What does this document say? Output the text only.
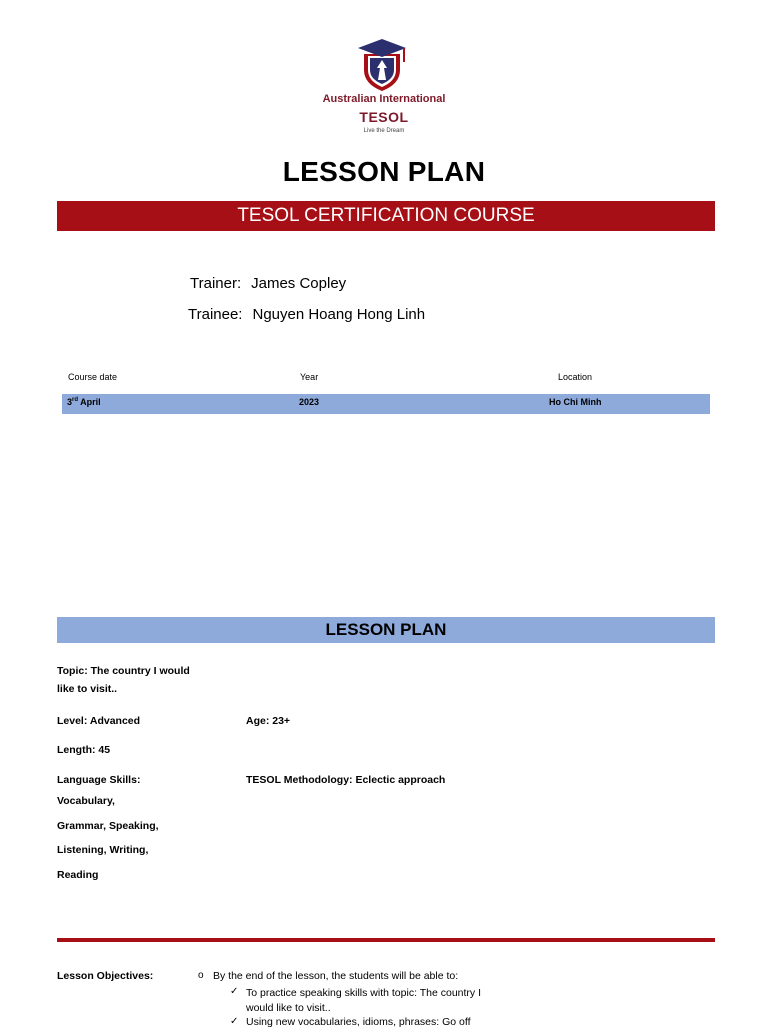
Australian International
TESOL
Live the Dream
LESSON PLAN
TESOL CERTIFICATION COURSE
Trainer: James Copley
Trainee: Nguyen Hoang Hong Linh
Course date	Year	Location
3rd April	2023	Ho Chi Minh
LESSON PLAN
Topic: The country I would like to visit..
Level: Advanced	Age: 23+
Length: 45
Language Skills:
Vocabulary,
Grammar, Speaking,
Listening, Writing,
Reading
TESOL Methodology: Eclectic approach
Lesson Objectives:	o By the end of the lesson, the students will be able to:
✓ To practice speaking skills with topic: The country I would like to visit..
✓ Using new vocabularies, idioms, phrases: Go off
